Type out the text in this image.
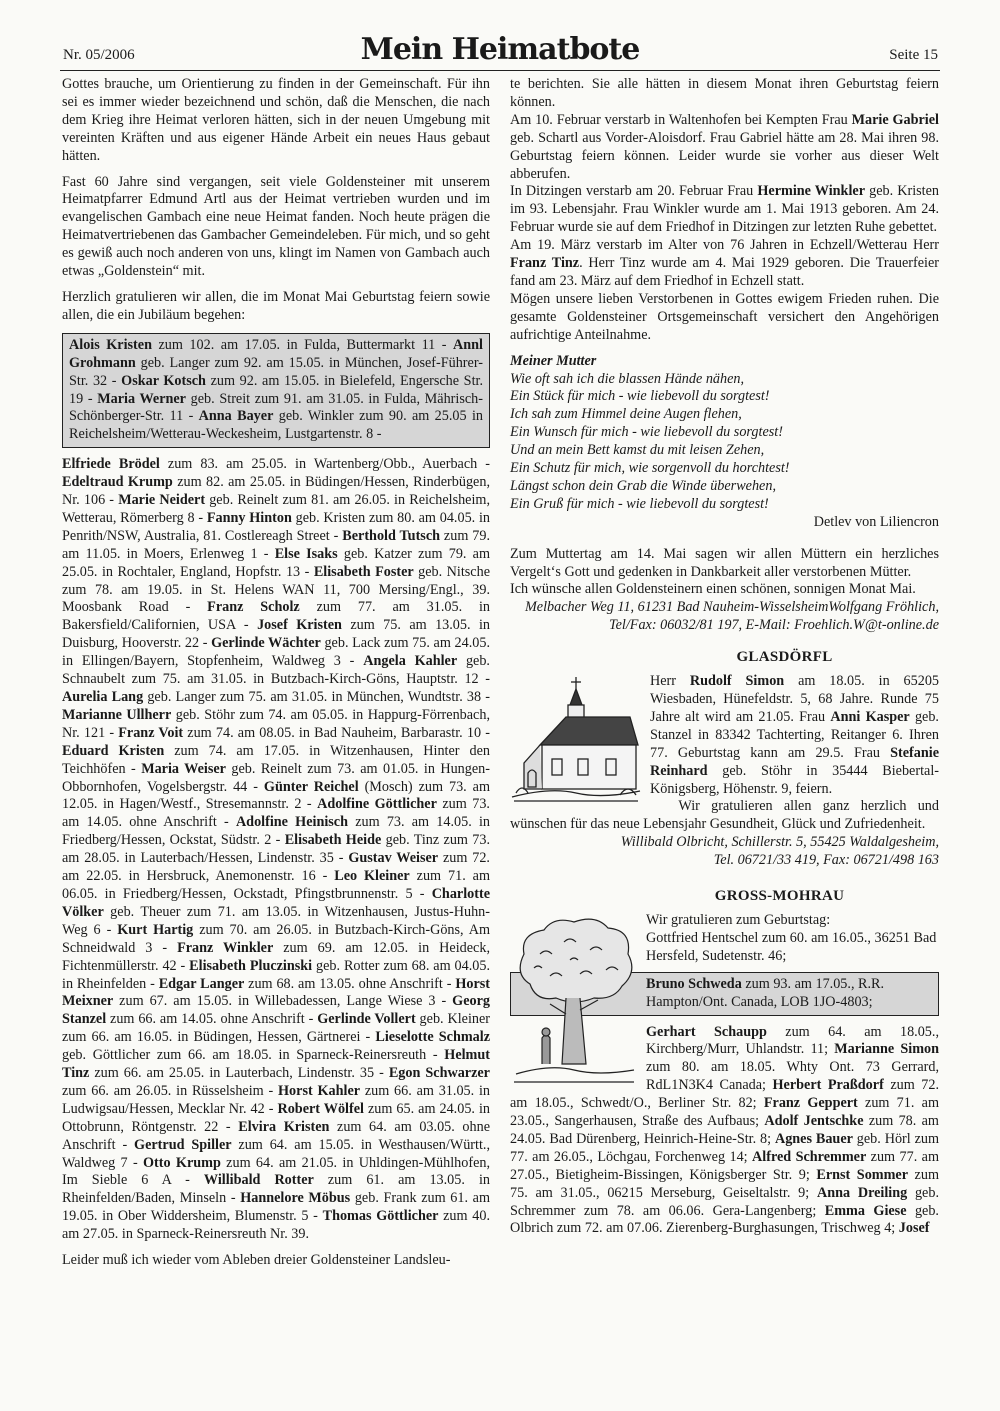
Nr. 05/2006	Mein Heimatbote	Seite 15

Gottes brauche, um Orientierung zu finden in der Gemeinschaft. Für ihn sei es immer wieder bezeichnend und schön, daß die Menschen, die nach dem Krieg ihre Heimat verloren hätten, sich in der neuen Umgebung mit vereinten Kräften und aus eigener Hände Arbeit ein neues Haus gebaut hätten.

Fast 60 Jahre sind vergangen, seit viele Goldensteiner mit unserem Heimatpfarrer Edmund Artl aus der Heimat vertrieben wurden und im evangelischen Gambach eine neue Heimat fanden. Noch heute prägen die Heimatvertriebenen das Gambacher Gemeindeleben. Für mich, und so geht es gewiß auch noch anderen von uns, klingt im Namen von Gambach auch etwas „Goldenstein“ mit.

Herzlich gratulieren wir allen, die im Monat Mai Geburtstag feiern sowie allen, die ein Jubiläum begehen:

Alois Kristen zum 102. am 17.05. in Fulda, Buttermarkt 11 - Annl Grohmann geb. Langer zum 92. am 15.05. in München, Josef-Führer-Str. 32 - Oskar Kotsch zum 92. am 15.05. in Bielefeld, Engersche Str. 19 - Maria Werner geb. Streit zum 91. am 31.05. in Fulda, Mährisch-Schönberger-Str. 11 - Anna Bayer geb. Winkler zum 90. am 25.05 in Reichelsheim/Wetterau-Weckesheim, Lustgartenstr. 8 -

Elfriede Brödel zum 83. am 25.05. in Wartenberg/Obb., Auerbach - Edeltraud Krump zum 82. am 25.05. in Büdingen/Hessen, Rinderbügen, Nr. 106 - Marie Neidert geb. Reinelt zum 81. am 26.05. in Reichelsheim, Wetterau, Römerberg 8 - Fanny Hinton geb. Kristen zum 80. am 04.05. in Penrith/NSW, Australia, 81. Costlereagh Street - Berthold Tutsch zum 79. am 11.05. in Moers, Erlenweg 1 - Else Isaks geb. Katzer zum 79. am 25.05. in Rochtaler, England, Hopfstr. 13 - Elisabeth Foster geb. Nitsche zum 78. am 19.05. in St. Helens WAN 11, 700 Mersing/Engl., 39. Moosbank Road - Franz Scholz zum 77. am 31.05. in Bakersfield/Californien, USA - Josef Kristen zum 75. am 13.05. in Duisburg, Hooverstr. 22 - Gerlinde Wächter geb. Lack zum 75. am 24.05. in Ellingen/Bayern, Stopfenheim, Waldweg 3 - Angela Kahler geb. Schnaubelt zum 75. am 31.05. in Butzbach-Kirch-Göns, Hauptstr. 12 - Aurelia Lang geb. Langer zum 75. am 31.05. in München, Wundtstr. 38 - Marianne Ullherr geb. Stöhr zum 74. am 05.05. in Happurg-Förrenbach, Nr. 121 - Franz Voit zum 74. am 08.05. in Bad Nauheim, Barbarastr. 10 - Eduard Kristen zum 74. am 17.05. in Witzenhausen, Hinter den Teichhöfen - Maria Weiser geb. Reinelt zum 73. am 01.05. in Hungen-Obbornhofen, Vogelsbergstr. 44 - Günter Reichel (Mosch) zum 73. am 12.05. in Hagen/Westf., Stresemannstr. 2 - Adolfine Göttlicher zum 73. am 14.05. ohne Anschrift - Adolfine Heinisch zum 73. am 14.05. in Friedberg/Hessen, Ockstat, Südstr. 2 - Elisabeth Heide geb. Tinz zum 73. am 28.05. in Lauterbach/Hessen, Lindenstr. 35 - Gustav Weiser zum 72. am 22.05. in Hersbruck, Anemonenstr. 16 - Leo Kleiner zum 71. am 06.05. in Friedberg/Hessen, Ockstadt, Pfingstbrunnenstr. 5 - Charlotte Völker geb. Theuer zum 71. am 13.05. in Witzenhausen, Justus-Huhn-Weg 6 - Kurt Hartig zum 70. am 26.05. in Butzbach-Kirch-Göns, Am Schneidwald 3 - Franz Winkler zum 69. am 12.05. in Heideck, Fichtenmüllerstr. 42 - Elisabeth Pluczinski geb. Rotter zum 68. am 04.05. in Rheinfelden - Edgar Langer zum 68. am 13.05. ohne Anschrift - Horst Meixner zum 67. am 15.05. in Willebadessen, Lange Wiese 3 - Georg Stanzel zum 66. am 14.05. ohne Anschrift - Gerlinde Vollert geb. Kleiner zum 66. am 16.05. in Büdingen, Hessen, Gärtnerei - Lieselotte Schmalz geb. Göttlicher zum 66. am 18.05. in Sparneck-Reinersreuth - Helmut Tinz zum 66. am 25.05. in Lauterbach, Lindenstr. 35 - Egon Schwarzer zum 66. am 26.05. in Rüsselsheim - Horst Kahler zum 66. am 31.05. in Ludwigsau/Hessen, Mecklar Nr. 42 - Robert Wölfel zum 65. am 24.05. in Ottobrunn, Röntgenstr. 22 - Elvira Kristen zum 64. am 03.05. ohne Anschrift - Gertrud Spiller zum 64. am 15.05. in Westhausen/Württ., Waldweg 7 - Otto Krump zum 64. am 21.05. in Uhldingen-Mühlhofen, Im Sieble 6 A - Willibald Rotter zum 61. am 13.05. in Rheinfelden/Baden, Minseln - Hannelore Möbus geb. Frank zum 61. am 19.05. in Ober Widdersheim, Blumenstr. 5 - Thomas Göttlicher zum 40. am 27.05. in Sparneck-Reinersreuth Nr. 39.

Leider muß ich wieder vom Ableben dreier Goldensteiner Landsleu-

te berichten. Sie alle hätten in diesem Monat ihren Geburtstag feiern können.

Am 10. Februar verstarb in Waltenhofen bei Kempten Frau Marie Gabriel geb. Schartl aus Vorder-Aloisdorf. Frau Gabriel hätte am 28. Mai ihren 98. Geburtstag feiern können. Leider wurde sie vorher aus dieser Welt abberufen.

In Ditzingen verstarb am 20. Februar Frau Hermine Winkler geb. Kristen im 93. Lebensjahr. Frau Winkler wurde am 1. Mai 1913 geboren. Am 24. Februar wurde sie auf dem Friedhof in Ditzingen zur letzten Ruhe gebettet.

Am 19. März verstarb im Alter von 76 Jahren in Echzell/Wetterau Herr Franz Tinz. Herr Tinz wurde am 4. Mai 1929 geboren. Die Trauerfeier fand am 23. März auf dem Friedhof in Echzell statt.

Mögen unsere lieben Verstorbenen in Gottes ewigem Frieden ruhen. Die gesamte Goldensteiner Ortsgemeinschaft versichert den Angehörigen aufrichtige Anteilnahme.

Meiner Mutter
Wie oft sah ich die blassen Hände nähen,
Ein Stück für mich - wie liebevoll du sorgtest!
Ich sah zum Himmel deine Augen flehen,
Ein Wunsch für mich - wie liebevoll du sorgtest!
Und an mein Bett kamst du mit leisen Zehen,
Ein Schutz für mich, wie sorgenvoll du horchtest!
Längst schon dein Grab die Winde überwehen,
Ein Gruß für mich - wie liebevoll du sorgtest!
Detlev von Liliencron

Zum Muttertag am 14. Mai sagen wir allen Müttern ein herzliches Vergelt‘s Gott und gedenken in Dankbarkeit aller verstorbenen Mütter.

Ich wünsche allen Goldensteinern einen schönen, sonnigen Monat Mai.
Wolfgang Fröhlich,

Melbacher Weg 11, 61231 Bad Nauheim-Wisselsheim
Tel/Fax: 06032/81 197, E-Mail: Froehlich.W@t-online.de
GLASDÖRFL

Herr Rudolf Simon am 18.05. in 65205 Wiesbaden, Hünefeldstr. 5, 68 Jahre. Runde 75 Jahre alt wird am 21.05. Frau Anni Kasper geb. Stanzel in 83342 Tachterting, Reitanger 6. Ihren 77. Geburtstag kann am 29.5. Frau Stefanie Reinhard geb. Stöhr in 35444 Biebertal-Königsberg, Höhenstr. 9, feiern.

Wir gratulieren allen ganz herzlich und wünschen für das neue Lebensjahr Gesundheit, Glück und Zufriedenheit.

Willibald Olbricht, Schillerstr. 5, 55425 Waldalgesheim,
Tel. 06721/33 419, Fax: 06721/498 163
GROSS-MOHRAU
Wir gratulieren zum Geburtstag:
Gottfried Hentschel zum 60. am 16.05., 36251 Bad Hersfeld, Sudetenstr. 46;
Bruno Schweda zum 93. am 17.05., R.R. Hampton/Ont. Canada, LOB 1JO-4803;

Gerhart Schaupp zum 64. am 18.05., Kirchberg/Murr, Uhlandstr. 11; Marianne Simon zum 80. am 18.05. Whty Ont. 73 Gerrard, RdL1N3K4 Canada; Herbert Praßdorf zum 72. am 18.05., Schwedt/O., Berliner Str. 82; Franz Geppert zum 71. am 23.05., Sangerhausen, Straße des Aufbaus; Adolf Jentschke zum 78. am 24.05. Bad Dürenberg, Heinrich-Heine-Str. 8; Agnes Bauer geb. Hörl zum 77. am 26.05., Löchgau, Forchenweg 14; Alfred Schremmer zum 77. am 27.05., Bietigheim-Bissingen, Königsberger Str. 9; Ernst Sommer zum 75. am 31.05., 06215 Merseburg, Geiseltalstr. 9; Anna Dreiling geb. Schremmer zum 78. am 06.06. Gera-Langenberg; Emma Giese geb. Olbrich zum 72. am 07.06. Zierenberg-Burghasungen, Trischweg 4; Josef
